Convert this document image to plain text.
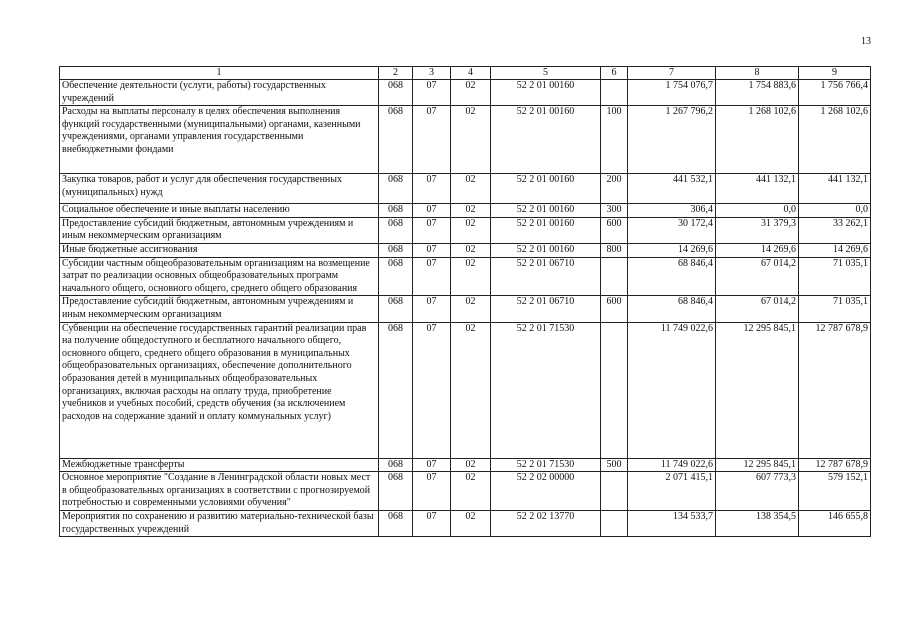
13
1	2	3	4	5	6	7	8	9
Обеспечение деятельности (услуги, работы) государственных учреждений	068	07	02	52 2 01 00160		1 754 076,7	1 754 883,6	1 756 766,4
Расходы на выплаты персоналу в целях обеспечения выполнения функций государственными (муниципальными) органами, казенными учреждениями, органами управления государственными внебюджетными фондами	068	07	02	52 2 01 00160	100	1 267 796,2	1 268 102,6	1 268 102,6
Закупка товаров, работ и услуг для обеспечения государственных (муниципальных) нужд	068	07	02	52 2 01 00160	200	441 532,1	441 132,1	441 132,1
Социальное обеспечение и иные выплаты населению	068	07	02	52 2 01 00160	300	306,4	0,0	0,0
Предоставление субсидий бюджетным, автономным учреждениям и иным некоммерческим организациям	068	07	02	52 2 01 00160	600	30 172,4	31 379,3	33 262,1
Иные бюджетные ассигнования	068	07	02	52 2 01 00160	800	14 269,6	14 269,6	14 269,6
Субсидии частным общеобразовательным организациям на возмещение затрат по реализации основных общеобразовательных программ начального общего, основного общего, среднего общего образования	068	07	02	52 2 01 06710		68 846,4	67 014,2	71 035,1
Предоставление субсидий бюджетным, автономным учреждениям и иным некоммерческим организациям	068	07	02	52 2 01 06710	600	68 846,4	67 014,2	71 035,1
Субвенции на обеспечение государственных гарантий реализации прав на получение общедоступного и бесплатного начального общего, основного общего, среднего общего образования в муниципальных общеобразовательных организациях, обеспечение дополнительного образования детей в муниципальных общеобразовательных организациях, включая расходы на оплату труда, приобретение учебников и учебных пособий, средств обучения (за исключением расходов на содержание зданий и оплату коммунальных услуг)	068	07	02	52 2 01 71530		11 749 022,6	12 295 845,1	12 787 678,9
Межбюджетные трансферты	068	07	02	52 2 01 71530	500	11 749 022,6	12 295 845,1	12 787 678,9
Основное мероприятие "Создание в Ленинградской области новых мест в общеобразовательных организациях в соответствии с прогнозируемой потребностью и современными условиями обучения"	068	07	02	52 2 02 00000		2 071 415,1	607 773,3	579 152,1
Мероприятия по сохранению и развитию материально-технической базы государственных учреждений	068	07	02	52 2 02 13770		134 533,7	138 354,5	146 655,8
